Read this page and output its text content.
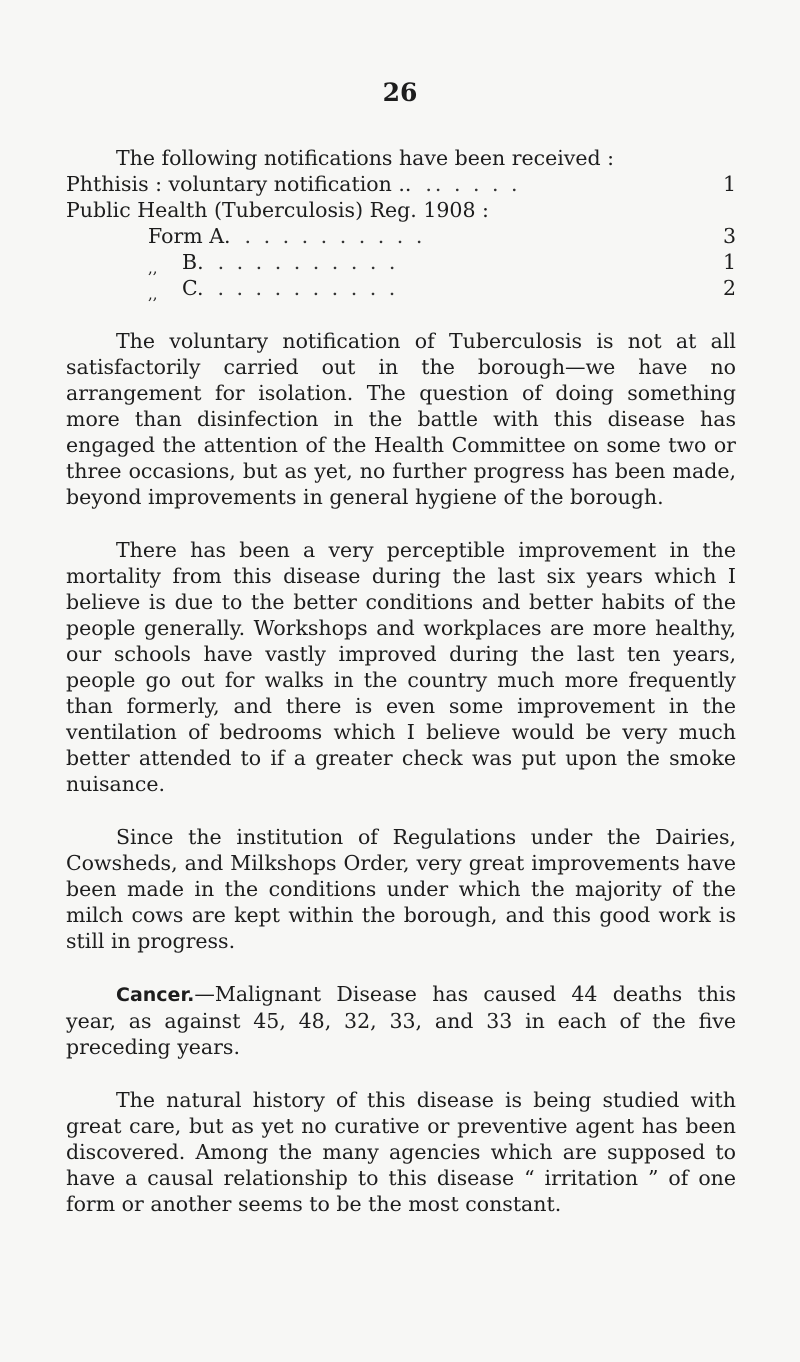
26
The following notifications have been received :
Phthisis : voluntary notification .. .. . . . .	1
Public Health (Tuberculosis) Reg. 1908 :
Form A. . . . . . . . . . .	3
,, B. . . . . . . . . . .	1
,, C. . . . . . . . . . .	2

The voluntary notification of Tuberculosis is not at all satisfactorily carried out in the borough—we have no arrangement for isolation. The question of doing something more than disinfection in the battle with this disease has engaged the attention of the Health Committee on some two or three occasions, but as yet, no further progress has been made, beyond improvements in general hygiene of the borough.

There has been a very perceptible improvement in the mortality from this disease during the last six years which I believe is due to the better conditions and better habits of the people generally. Workshops and workplaces are more healthy, our schools have vastly improved during the last ten years, people go out for walks in the country much more frequently than formerly, and there is even some improvement in the ventilation of bedrooms which I believe would be very much better attended to if a greater check was put upon the smoke nuisance.

Since the institution of Regulations under the Dairies, Cowsheds, and Milkshops Order, very great improvements have been made in the conditions under which the majority of the milch cows are kept within the borough, and this good work is still in progress.

Cancer.—Malignant Disease has caused 44 deaths this year, as against 45, 48, 32, 33, and 33 in each of the five preceding years.

The natural history of this disease is being studied with great care, but as yet no curative or preventive agent has been discovered. Among the many agencies which are supposed to have a causal relationship to this disease “ irritation ” of one form or another seems to be the most constant.
